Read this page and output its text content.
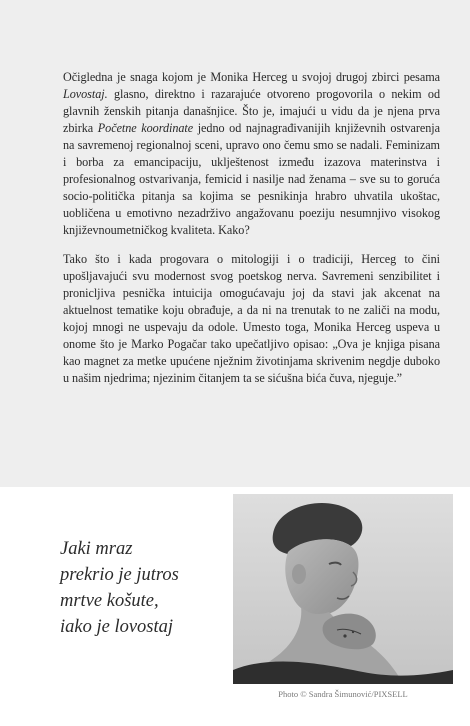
Očigledna je snaga kojom je Monika Herceg u svojoj drugoj zbirci pesama Lovostaj. glasno, direktno i razarajuće otvoreno progovorila o nekim od glavnih ženskih pitanja današnjice. Što je, imajući u vidu da je njena prva zbirka Početne koordinate jedno od najnagrađivanijih književnih ostvarenja na savremenoj regionalnoj sceni, upravo ono čemu smo se nadali. Feminizam i borba za emancipaciju, uklještenost između izazova materinstva i profesionalnog ostvarivanja, femicid i nasilje nad ženama – sve su to goruća socio-politička pitanja sa kojima se pesnikinja hrabro uhvatila ukoštac, uobličena u emotivno nezadrživo angažovanu poeziju nesumnjivo visokog književnoumetničkog kvaliteta. Kako?

Tako što i kada progovara o mitologiji i o tradiciji, Herceg to čini upošljavajući svu modernost svog poetskog nerva. Savremeni senzibilitet i pronicljiva pesnička intuicija omogućavaju joj da stavi jak akcenat na aktuelnost tematike koju obrađuje, a da ni na trenutak to ne zaliči na modu, kojoj mnogi ne uspevaju da odole. Umesto toga, Monika Herceg uspeva u onome što je Marko Pogačar tako upečatljivo opisao: „Ova je knjiga pisana kao magnet za metke upućene nježnim životinjama skrivenim negdje duboko u našim njedrima; njezinim čitanjem ta se sićušna bića čuva, njeguje.”

Jaki mraz
prekrio je jutros
mrtve košute,
iako je lovostaj
Photo © Sandra Šimunović/PIXSELL
